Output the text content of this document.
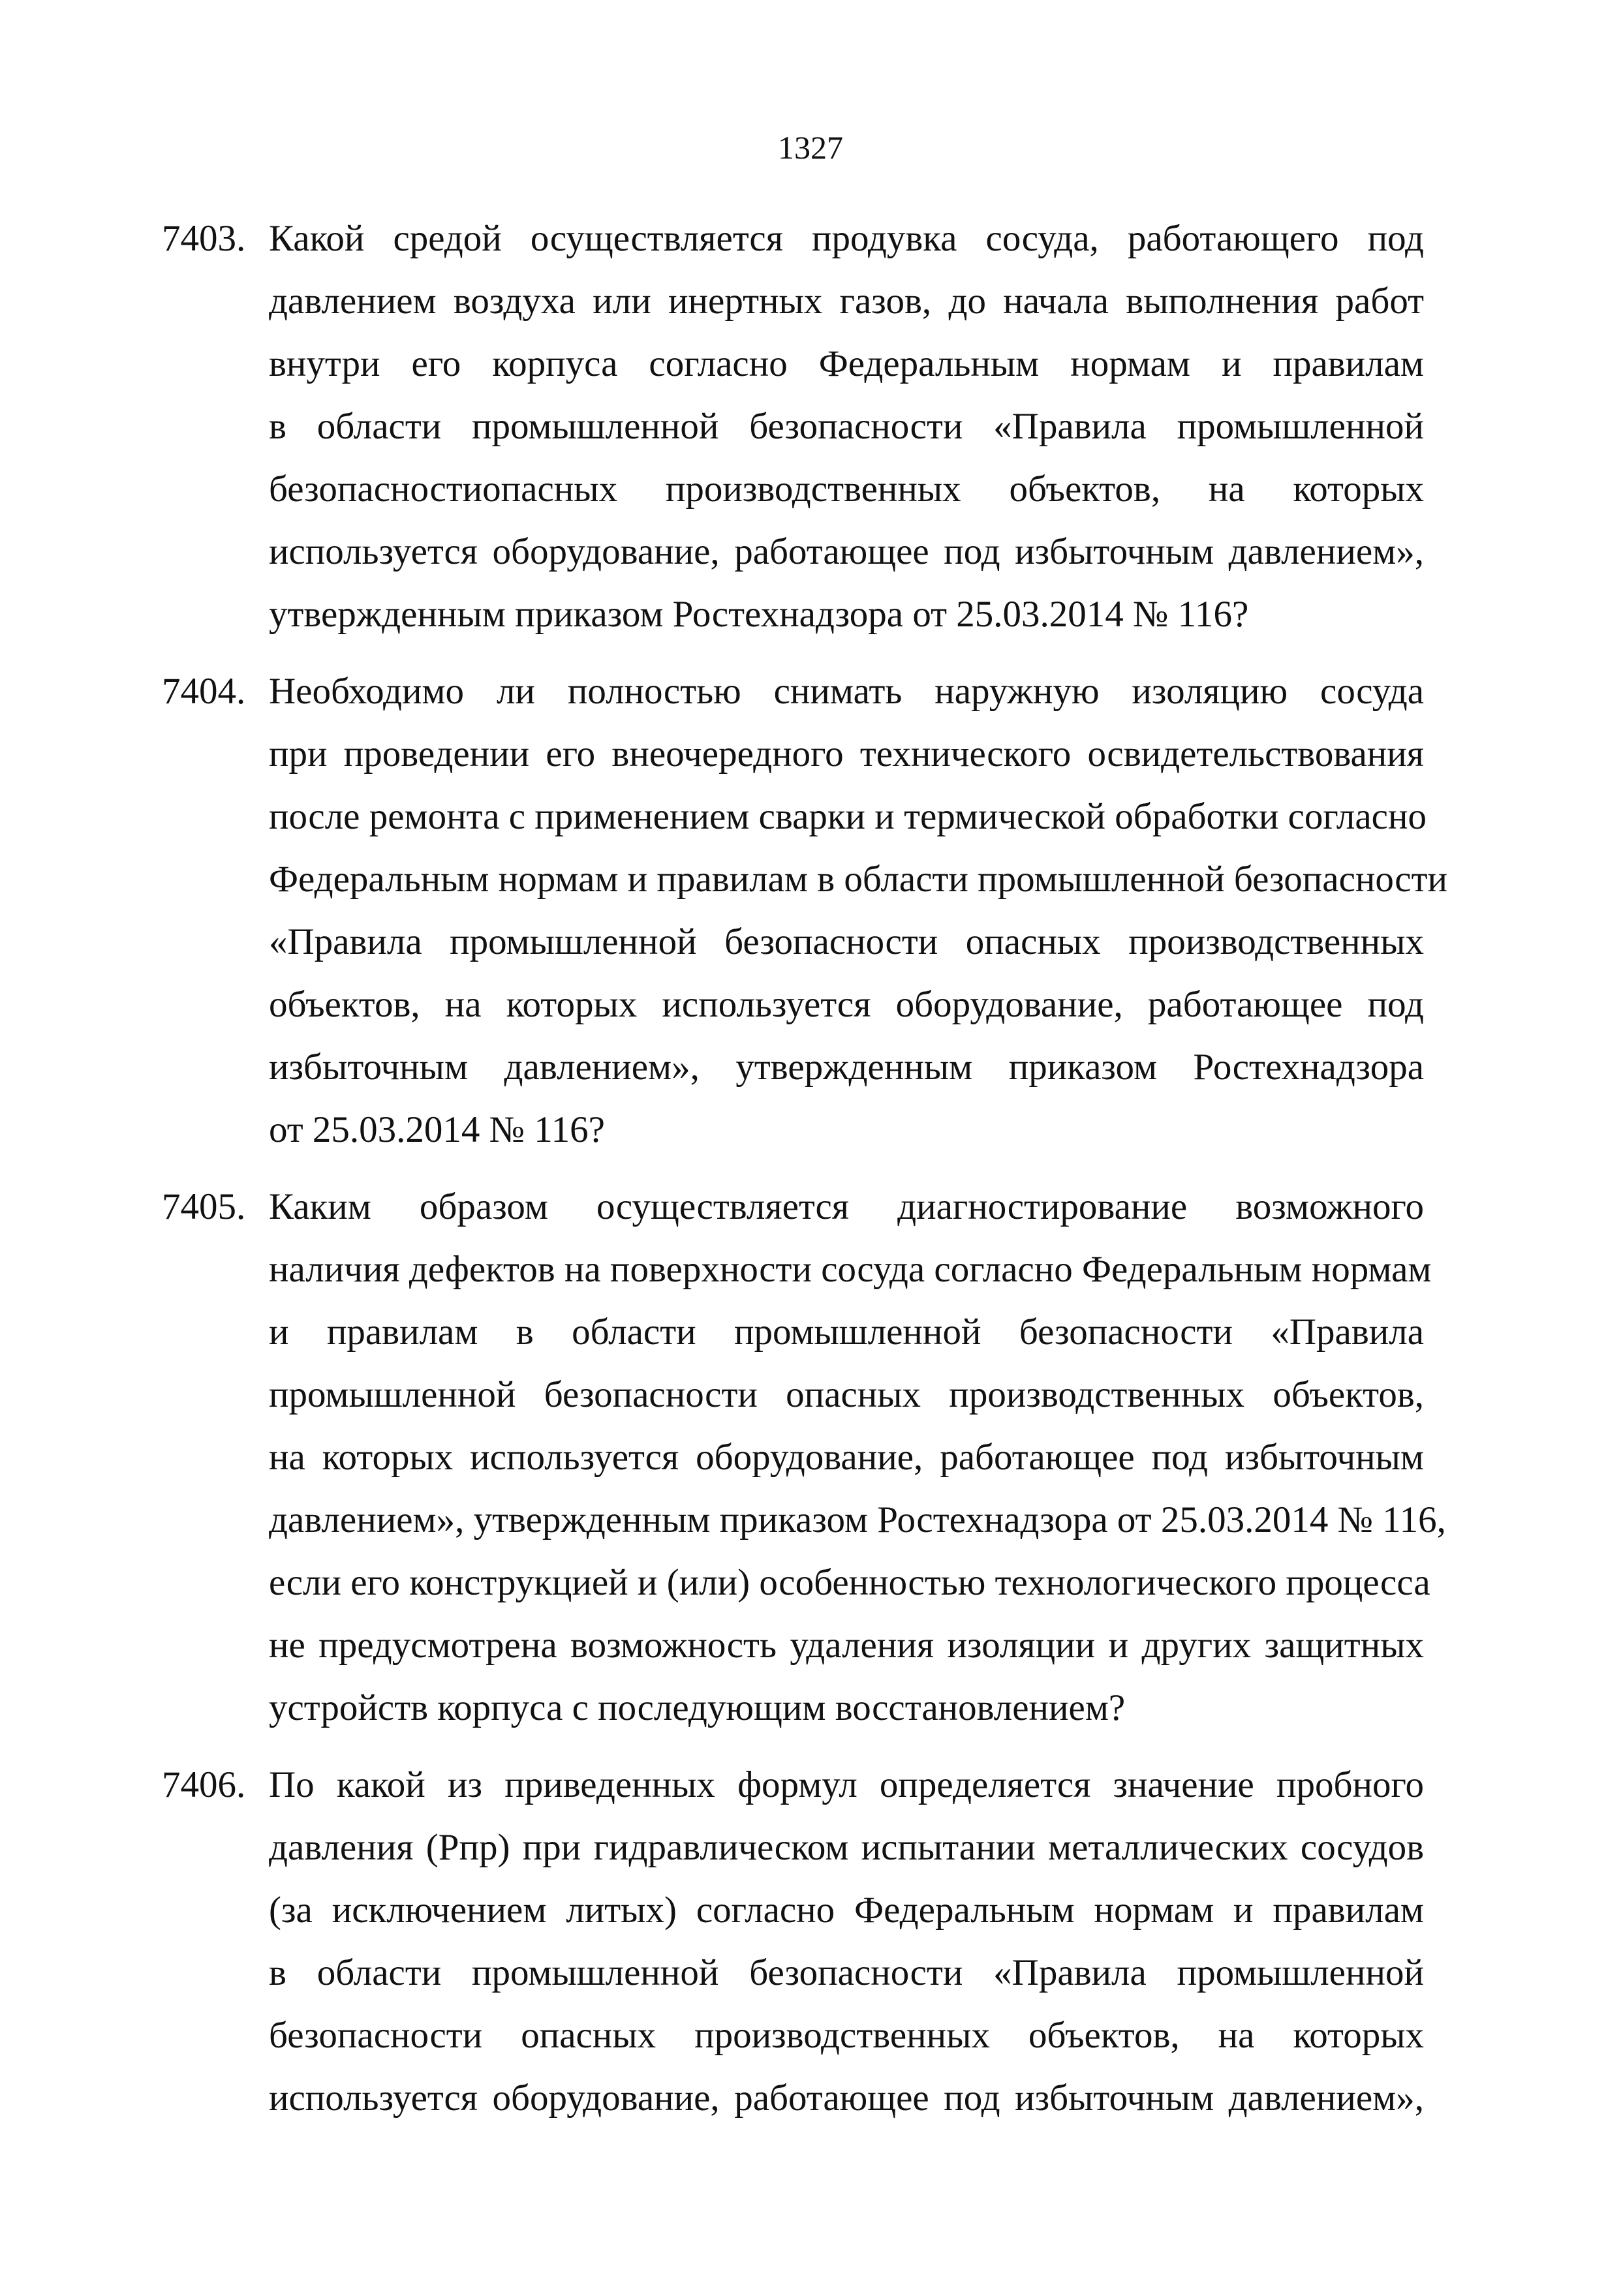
1327
7403. Какой средой осуществляется продувка сосуда, работающего под
давлением воздуха или инертных газов, до начала выполнения работ
внутри его корпуса согласно Федеральным нормам и правилам
в области промышленной безопасности «Правила промышленной
безопасностиопасных производственных объектов, на которых
используется оборудование, работающее под избыточным давлением»,
утвержденным приказом Ростехнадзора от 25.03.2014 № 116?
7404. Необходимо ли полностью снимать наружную изоляцию сосуда
при проведении его внеочередного технического освидетельствования
после ремонта с применением сварки и термической обработки согласно
Федеральным нормам и правилам в области промышленной безопасности
«Правила промышленной безопасности опасных производственных
объектов, на которых используется оборудование, работающее под
избыточным давлением», утвержденным приказом Ростехнадзора
от 25.03.2014 № 116?
7405. Каким образом осуществляется диагностирование возможного
наличия дефектов на поверхности сосуда согласно Федеральным нормам
и правилам в области промышленной безопасности «Правила
промышленной безопасности опасных производственных объектов,
на которых используется оборудование, работающее под избыточным
давлением», утвержденным приказом Ростехнадзора от 25.03.2014 № 116,
если его конструкцией и (или) особенностью технологического процесса
не предусмотрена возможность удаления изоляции и других защитных
устройств корпуса с последующим восстановлением?
7406. По какой из приведенных формул определяется значение пробного
давления (Рпр) при гидравлическом испытании металлических сосудов
(за исключением литых) согласно Федеральным нормам и правилам
в области промышленной безопасности «Правила промышленной
безопасности опасных производственных объектов, на которых
используется оборудование, работающее под избыточным давлением»,
